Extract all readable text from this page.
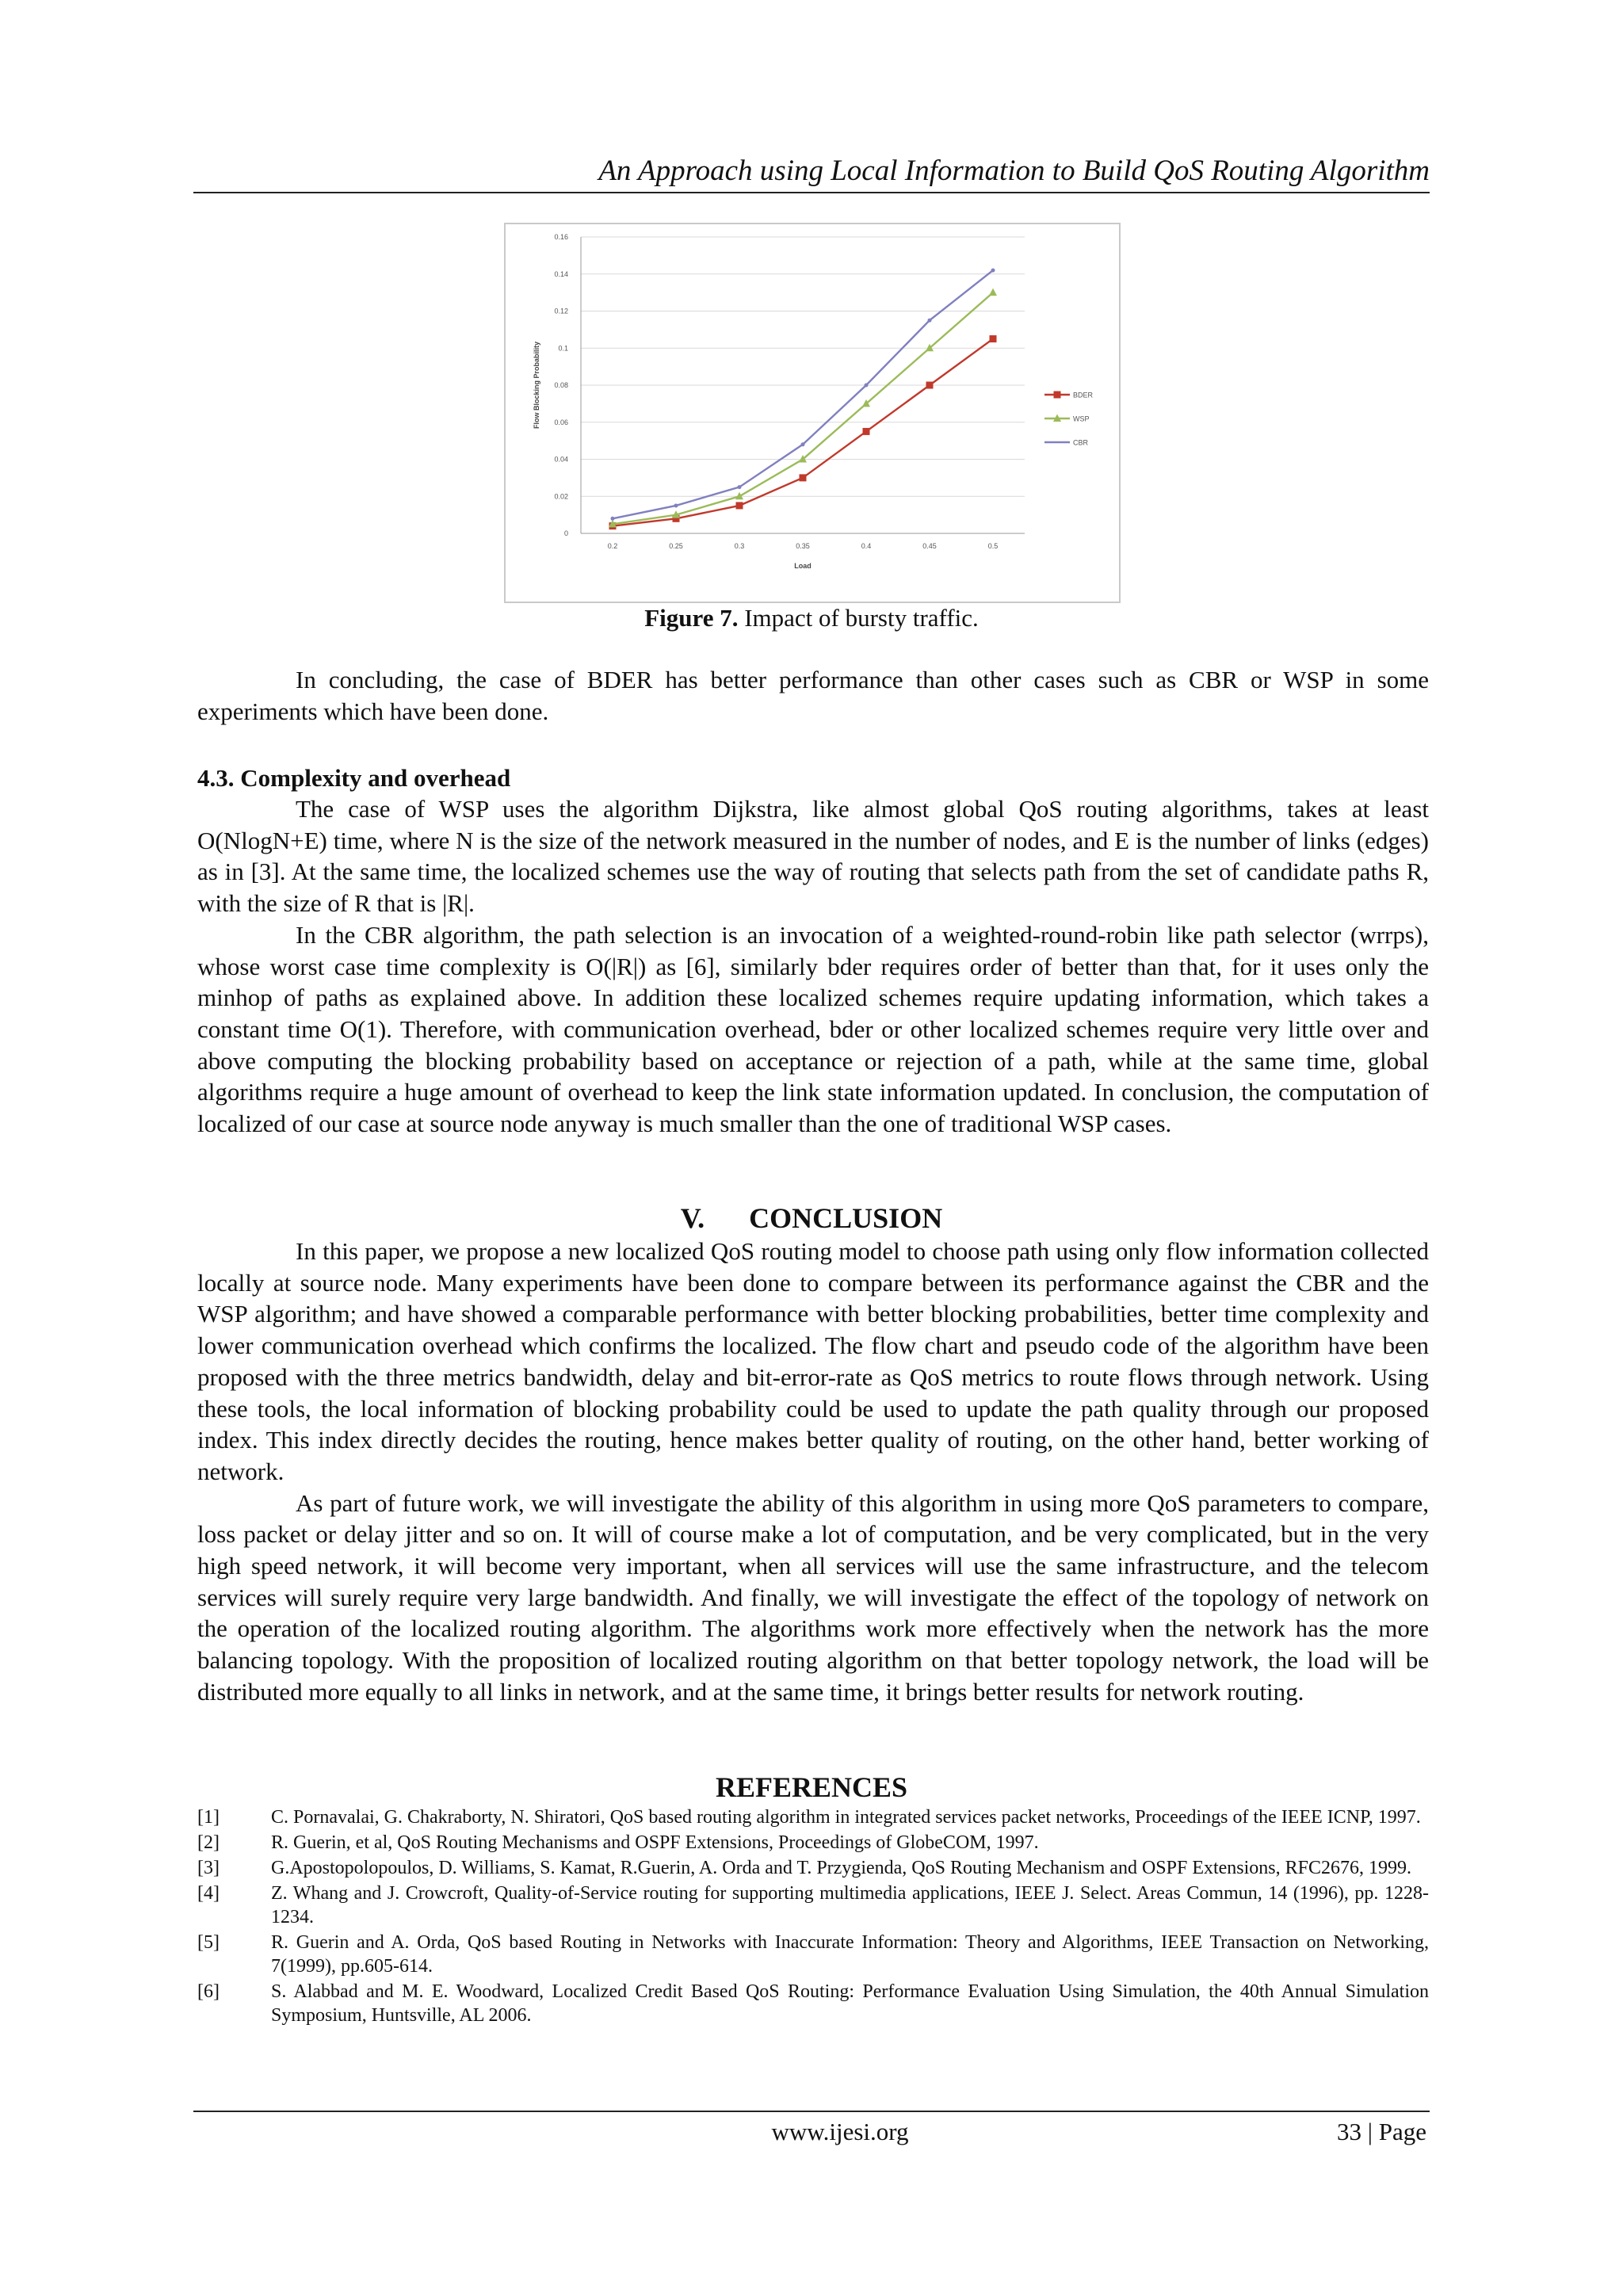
An Approach using Local Information to Build QoS Routing Algorithm
0
0.02
0.04
0.06
0.08
0.1
0.12
0.14
0.16
0.2	0.25	0.3	0.35	0.4	0.45	0.5
Load
Flow Blocking Probability	BDER
WSP
CBR
Figure 7. Impact of bursty traffic.

In concluding, the case of BDER has better performance than other cases such as CBR or WSP in some experiments which have been done.

4.3. Complexity and overhead

The case of WSP uses the algorithm Dijkstra, like almost global QoS routing algorithms, takes at least O(NlogN+E) time, where N is the size of the network measured in the number of nodes, and E is the number of links (edges) as in [3]. At the same time, the localized schemes use the way of routing that selects path from the set of candidate paths R, with the size of R that is |R|.

In the CBR algorithm, the path selection is an invocation of a weighted-round-robin like path selector (wrrps), whose worst case time complexity is O(|R|) as [6], similarly bder requires order of better than that, for it uses only the minhop of paths as explained above. In addition these localized schemes require updating information, which takes a constant time O(1). Therefore, with communication overhead, bder or other localized schemes require very little over and above computing the blocking probability based on acceptance or rejection of a path, while at the same time, global algorithms require a huge amount of overhead to keep the link state information updated. In conclusion, the computation of localized of our case at source node anyway is much smaller than the one of traditional WSP cases.

V. CONCLUSION

In this paper, we propose a new localized QoS routing model to choose path using only flow information collected locally at source node. Many experiments have been done to compare between its performance against the CBR and the WSP algorithm; and have showed a comparable performance with better blocking probabilities, better time complexity and lower communication overhead which confirms the localized. The flow chart and pseudo code of the algorithm have been proposed with the three metrics bandwidth, delay and bit-error-rate as QoS metrics to route flows through network. Using these tools, the local information of blocking probability could be used to update the path quality through our proposed index. This index directly decides the routing, hence makes better quality of routing, on the other hand, better working of network.

As part of future work, we will investigate the ability of this algorithm in using more QoS parameters to compare, loss packet or delay jitter and so on. It will of course make a lot of computation, and be very complicated, but in the very high speed network, it will become very important, when all services will use the same infrastructure, and the telecom services will surely require very large bandwidth. And finally, we will investigate the effect of the topology of network on the operation of the localized routing algorithm. The algorithms work more effectively when the network has the more balancing topology. With the proposition of localized routing algorithm on that better topology network, the load will be distributed more equally to all links in network, and at the same time, it brings better results for network routing.

REFERENCES
[1]	C. Pornavalai, G. Chakraborty, N. Shiratori, QoS based routing algorithm in integrated services packet networks, Proceedings of the IEEE ICNP, 1997.
[2]	R. Guerin, et al, QoS Routing Mechanisms and OSPF Extensions, Proceedings of GlobeCOM, 1997.
[3]	G.Apostopolopoulos, D. Williams, S. Kamat, R.Guerin, A. Orda and T. Przygienda, QoS Routing Mechanism and OSPF Extensions, RFC2676, 1999.
[4]	Z. Whang and J. Crowcroft, Quality-of-Service routing for supporting multimedia applications, IEEE J. Select. Areas Commun, 14 (1996), pp. 1228-1234.
[5]	R. Guerin and A. Orda, QoS based Routing in Networks with Inaccurate Information: Theory and Algorithms, IEEE Transaction on Networking, 7(1999), pp.605-614.
[6]	S. Alabbad and M. E. Woodward, Localized Credit Based QoS Routing: Performance Evaluation Using Simulation, the 40th Annual Simulation Symposium, Huntsville, AL 2006.
www.ijesi.org	33 | Page
